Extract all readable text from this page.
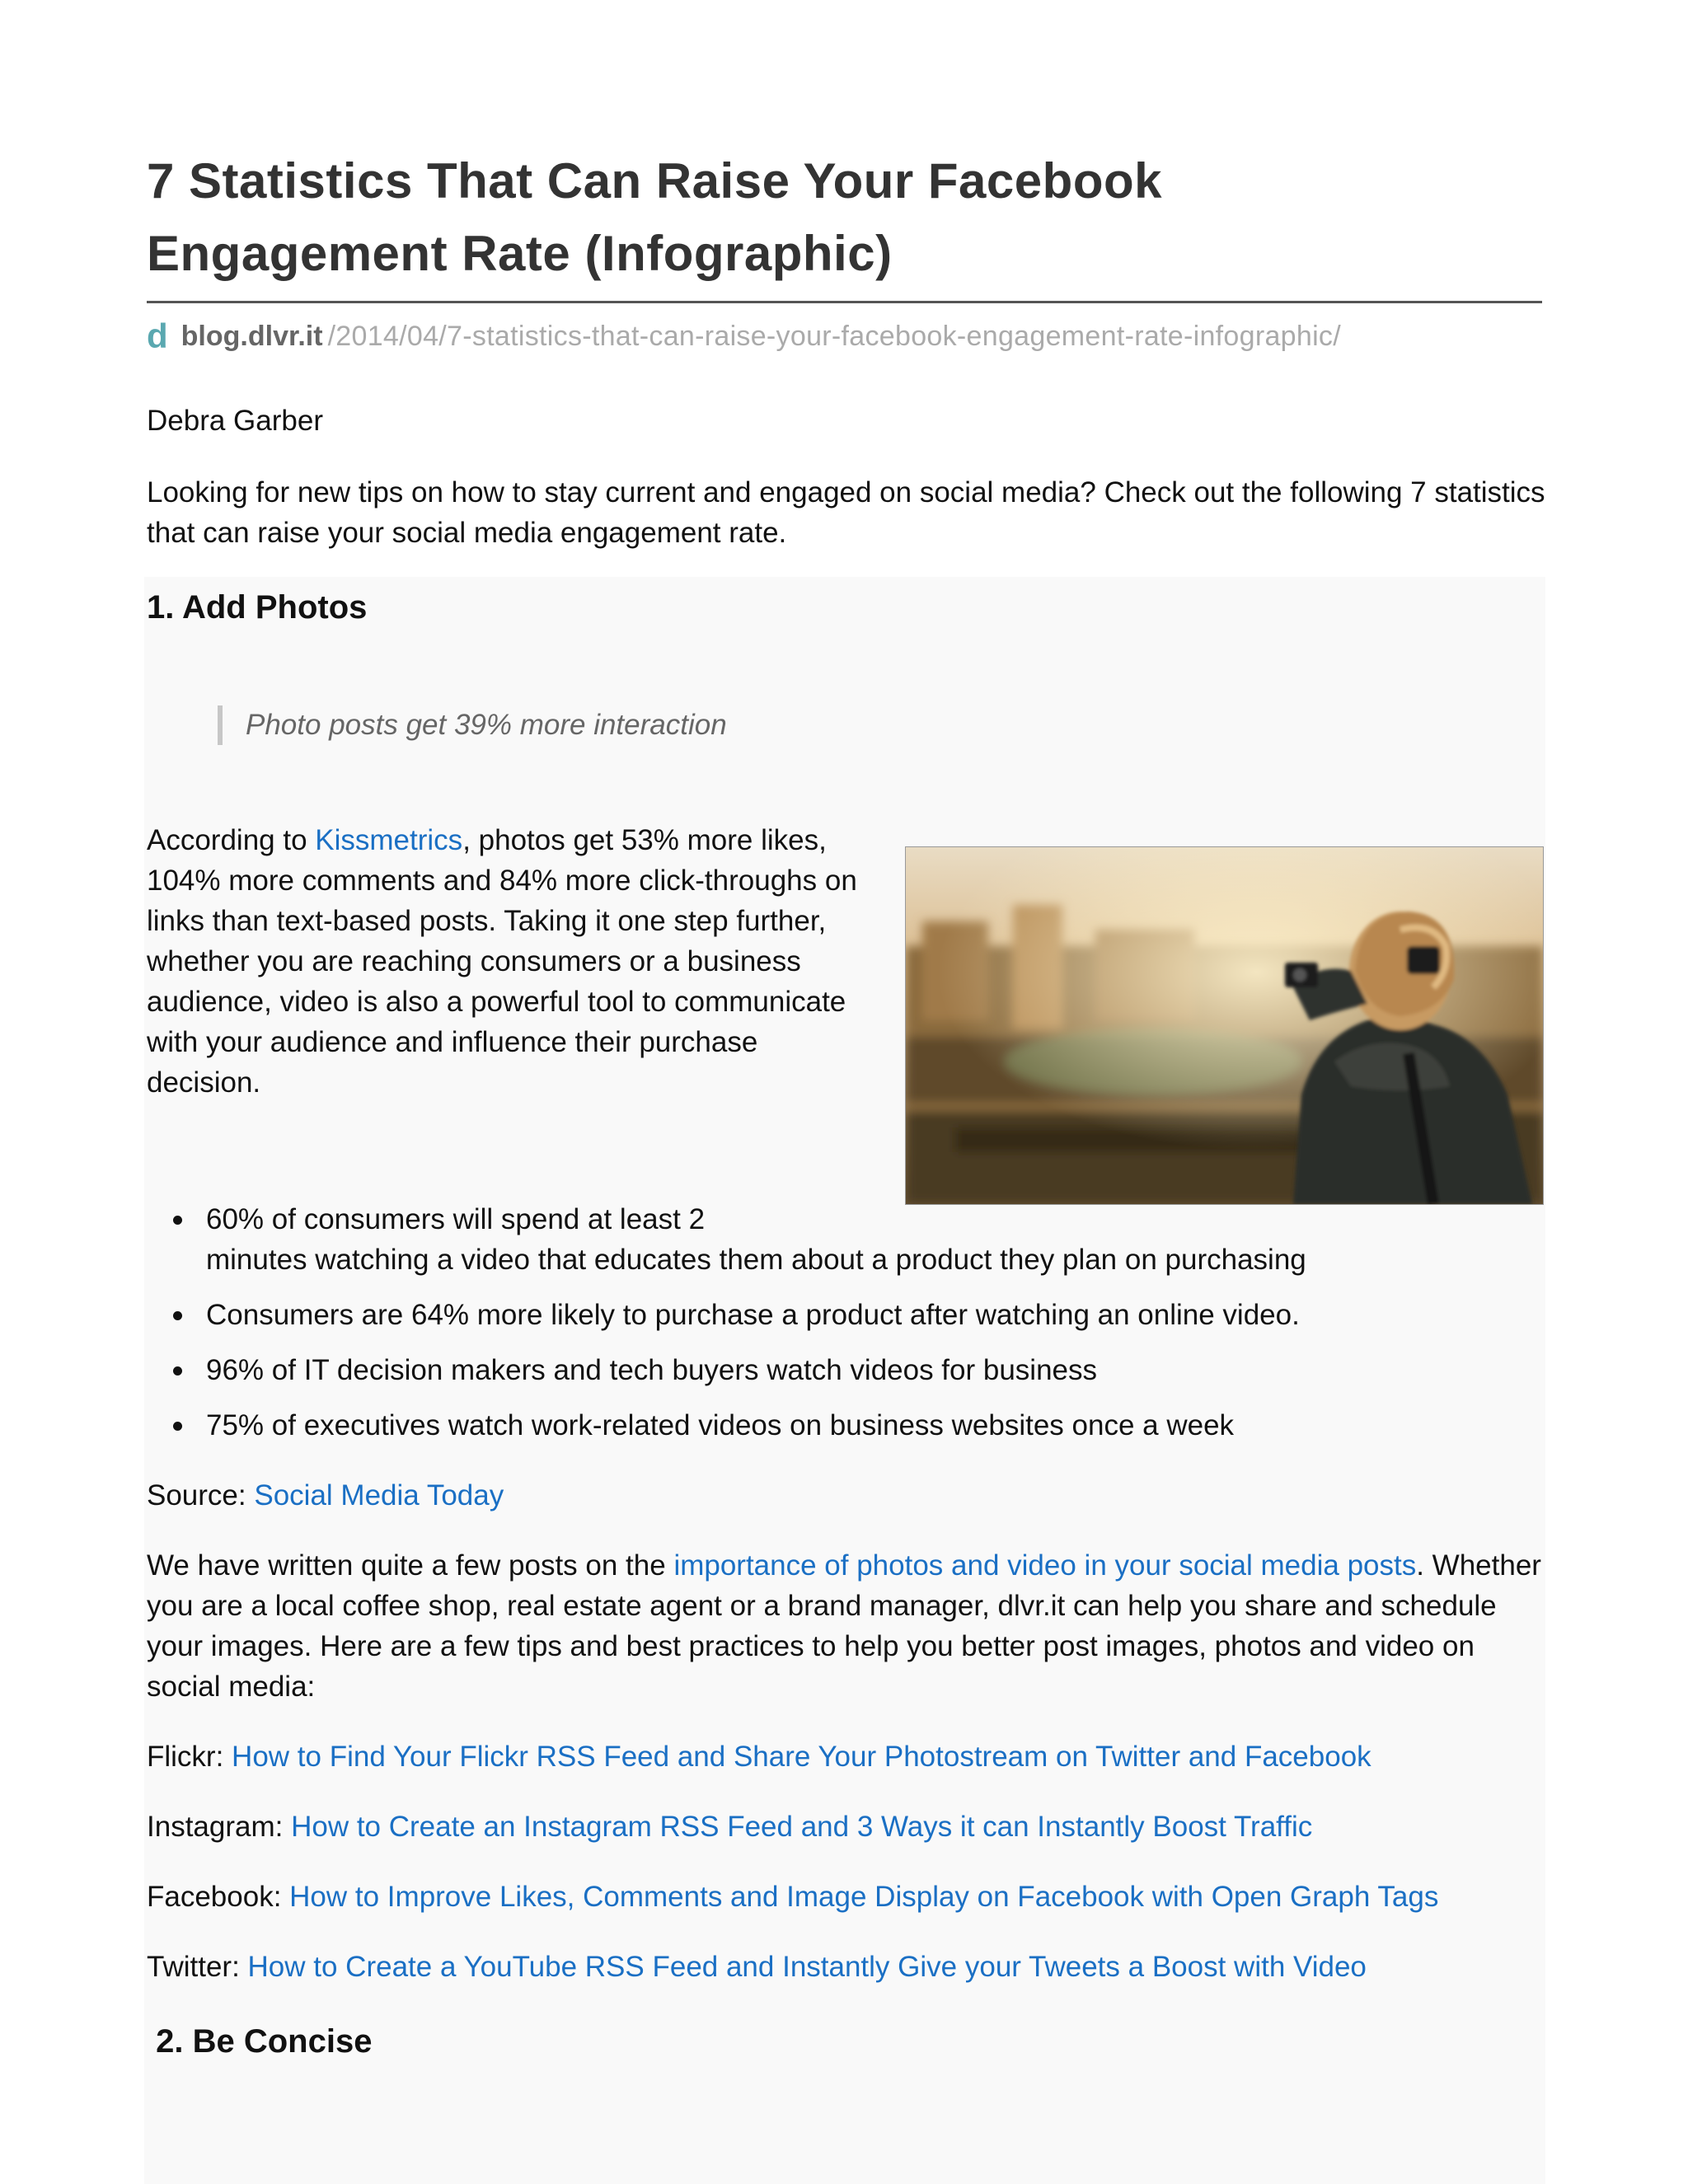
7 Statistics That Can Raise Your Facebook
Engagement Rate (Infographic)
d blog.dlvr.it /2014/04/7-statistics-that-can-raise-your-facebook-engagement-rate-infographic/
Debra Garber
Looking for new tips on how to stay current and engaged on social media? Check out the following 7 statistics that can raise your social media engagement rate.
1. Add Photos
Photo posts get 39% more interaction
According to Kissmetrics, photos get 53% more likes, 104% more comments and 84% more click-throughs on links than text-based posts. Taking it one step further, whether you are reaching consumers or a business audience, video is also a powerful tool to communicate with your audience and influence their purchase decision.
60% of consumers will spend at least 2
minutes watching a video that educates them about a product they plan on purchasing
Consumers are 64% more likely to purchase a product after watching an online video.
96% of IT decision makers and tech buyers watch videos for business
75% of executives watch work-related videos on business websites once a week
Source: Social Media Today
We have written quite a few posts on the importance of photos and video in your social media posts. Whether you are a local coffee shop, real estate agent or a brand manager, dlvr.it can help you share and schedule your images. Here are a few tips and best practices to help you better post images, photos and video on social media:
Flickr: How to Find Your Flickr RSS Feed and Share Your Photostream on Twitter and Facebook
Instagram: How to Create an Instagram RSS Feed and 3 Ways it can Instantly Boost Traffic
Facebook: How to Improve Likes, Comments and Image Display on Facebook with Open Graph Tags
Twitter: How to Create a YouTube RSS Feed and Instantly Give your Tweets a Boost with Video
2. Be Concise
